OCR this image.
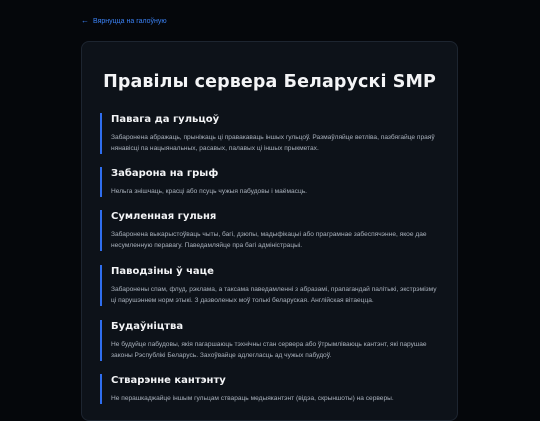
← Вярнуцца на галоўную
Правілы сервера Беларускі SMP
Павага да гульцоў

Забаронена абражаць, прыніжаць ці правакаваць іншых гульцоў. Размаўляйце ветліва, пазбягайце праяў нянавісці па нацыянальных, расавых, палавых ці іншых прыкметах.

Забарона на грыф

Нельга знішчаць, красці або псуць чужыя пабудовы і маёмасць.

Сумленная гульня

Забаронена выкарыстоўваць чыты, багі, дзюпы, мадыфікацыі або праграмнае забеспячэнне, якое дае несумленную перавагу. Паведамляйце пра багі адміністрацыі.

Паводзіны ў чаце

Забаронены спам, флуд, рэклама, а таксама паведамленні з абразамі, прапагандай палітыкі, экстрэмізму ці парушэннем норм этыкі. З дазволеных моў толькі беларуская. Англійская вітаецца.

Будаўніцтва

Не будуйце пабудовы, якія пагаршаюць тэхнічны стан сервера або ўтрымліваюць кантэнт, які парушае законы Рэспублікі Беларусь. Захоўвайце адлегласць ад чужых пабудоў.

Стварэнне кантэнту

Не перашкаджайце іншым гульцам ствараць медыякантэнт (відэа, скрыншоты) на серверы.
